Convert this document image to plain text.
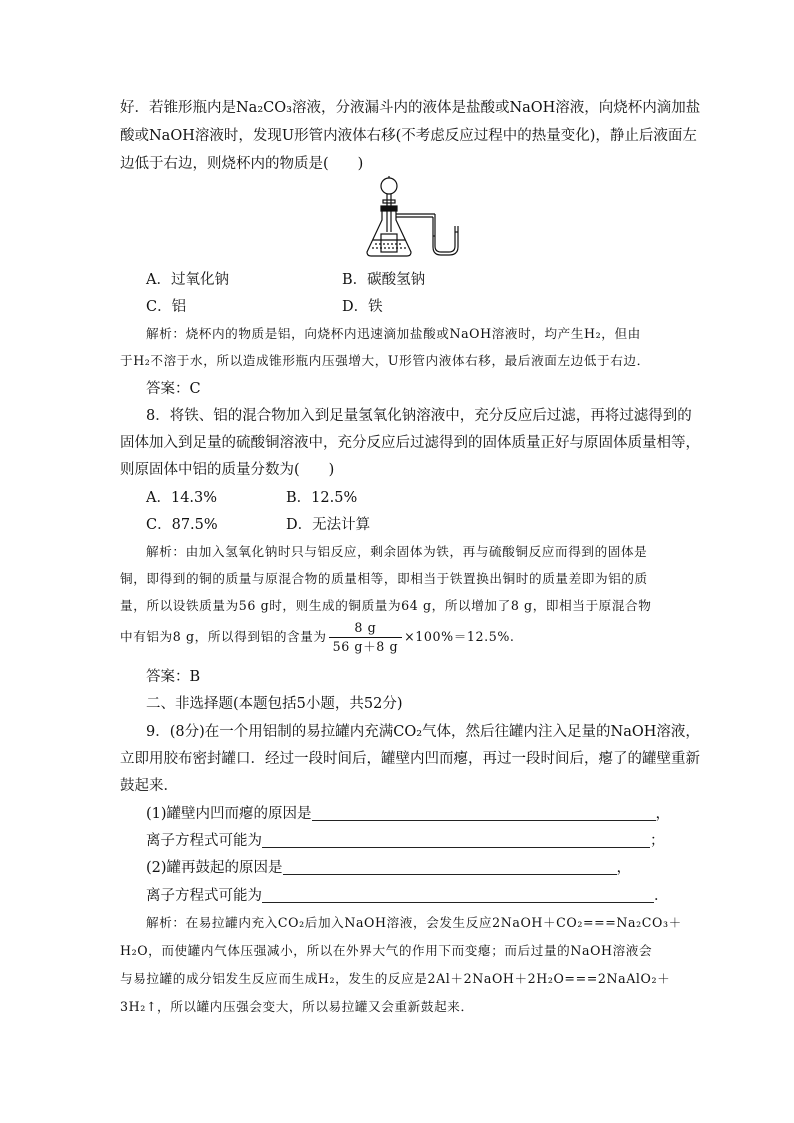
好．若锥形瓶内是Na₂CO₃溶液，分液漏斗内的液体是盐酸或NaOH溶液，向烧杯内滴加盐
酸或NaOH溶液时，发现U形管内液体右移(不考虑反应过程中的热量变化)，静止后液面左
边低于右边，则烧杯内的物质是(　　)
A．过氧化钠	B．碳酸氢钠
C．铝	D．铁
解析：烧杯内的物质是铝，向烧杯内迅速滴加盐酸或NaOH溶液时，均产生H₂，但由
于H₂不溶于水，所以造成锥形瓶内压强增大，U形管内液体右移，最后液面左边低于右边．
答案：C
8．将铁、铝的混合物加入到足量氢氧化钠溶液中，充分反应后过滤，再将过滤得到的
固体加入到足量的硫酸铜溶液中，充分反应后过滤得到的固体质量正好与原固体质量相等，
则原固体中铝的质量分数为(　　)
A．14.3%	B．12.5%
C．87.5%	D．无法计算
解析：由加入氢氧化钠时只与铝反应，剩余固体为铁，再与硫酸铜反应而得到的固体是
铜，即得到的铜的质量与原混合物的质量相等，即相当于铁置换出铜时的质量差即为铝的质
量，所以设铁质量为56 g时，则生成的铜质量为64 g，所以增加了8 g，即相当于原混合物
中有铝为8 g，所以得到铝的含量为 $\frac{8 g}{56 g+8 g} \times 100\%=12.5\%$.
答案：B
二、非选择题(本题包括5小题，共52分)
9．(8分)在一个用铝制的易拉罐内充满CO₂气体，然后往罐内注入足量的NaOH溶液，
立即用胶布密封罐口．经过一段时间后，罐壁内凹而瘪，再过一段时间后，瘪了的罐壁重新
鼓起来．
(1)罐壁内凹而瘪的原因是	，
离子方程式可能为	；
(2)罐再鼓起的原因是	，
离子方程式可能为	．
解析：在易拉罐内充入CO₂后加入NaOH溶液，会发生反应2NaOH＋CO₂===Na₂CO₃＋
H₂O，而使罐内气体压强减小，所以在外界大气的作用下而变瘪；而后过量的NaOH溶液会
与易拉罐的成分铝发生反应而生成H₂，发生的反应是2Al＋2NaOH＋2H₂O===2NaAlO₂＋
3H₂↑，所以罐内压强会变大，所以易拉罐又会重新鼓起来．
